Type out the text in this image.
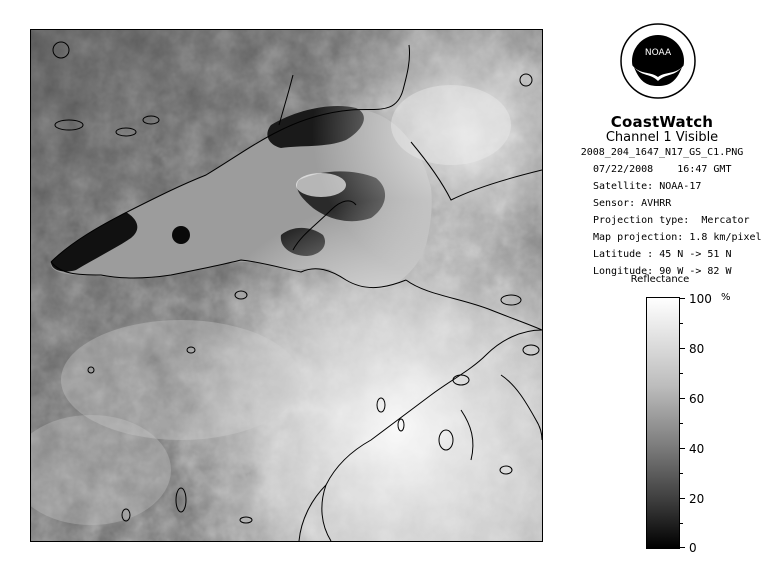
NOAA
CoastWatch
Channel 1 Visible
2008_204_1647_N17_GS_C1.PNG
07/22/2008    16:47 GMT
Satellite: NOAA-17
Sensor: AVHRR
Projection type:  Mercator
Map projection: 1.8 km/pixel
Latitude : 45 N -> 51 N
Longitude: 90 W -> 82 W
Reflectance
%
100
80
60
40
20
0
